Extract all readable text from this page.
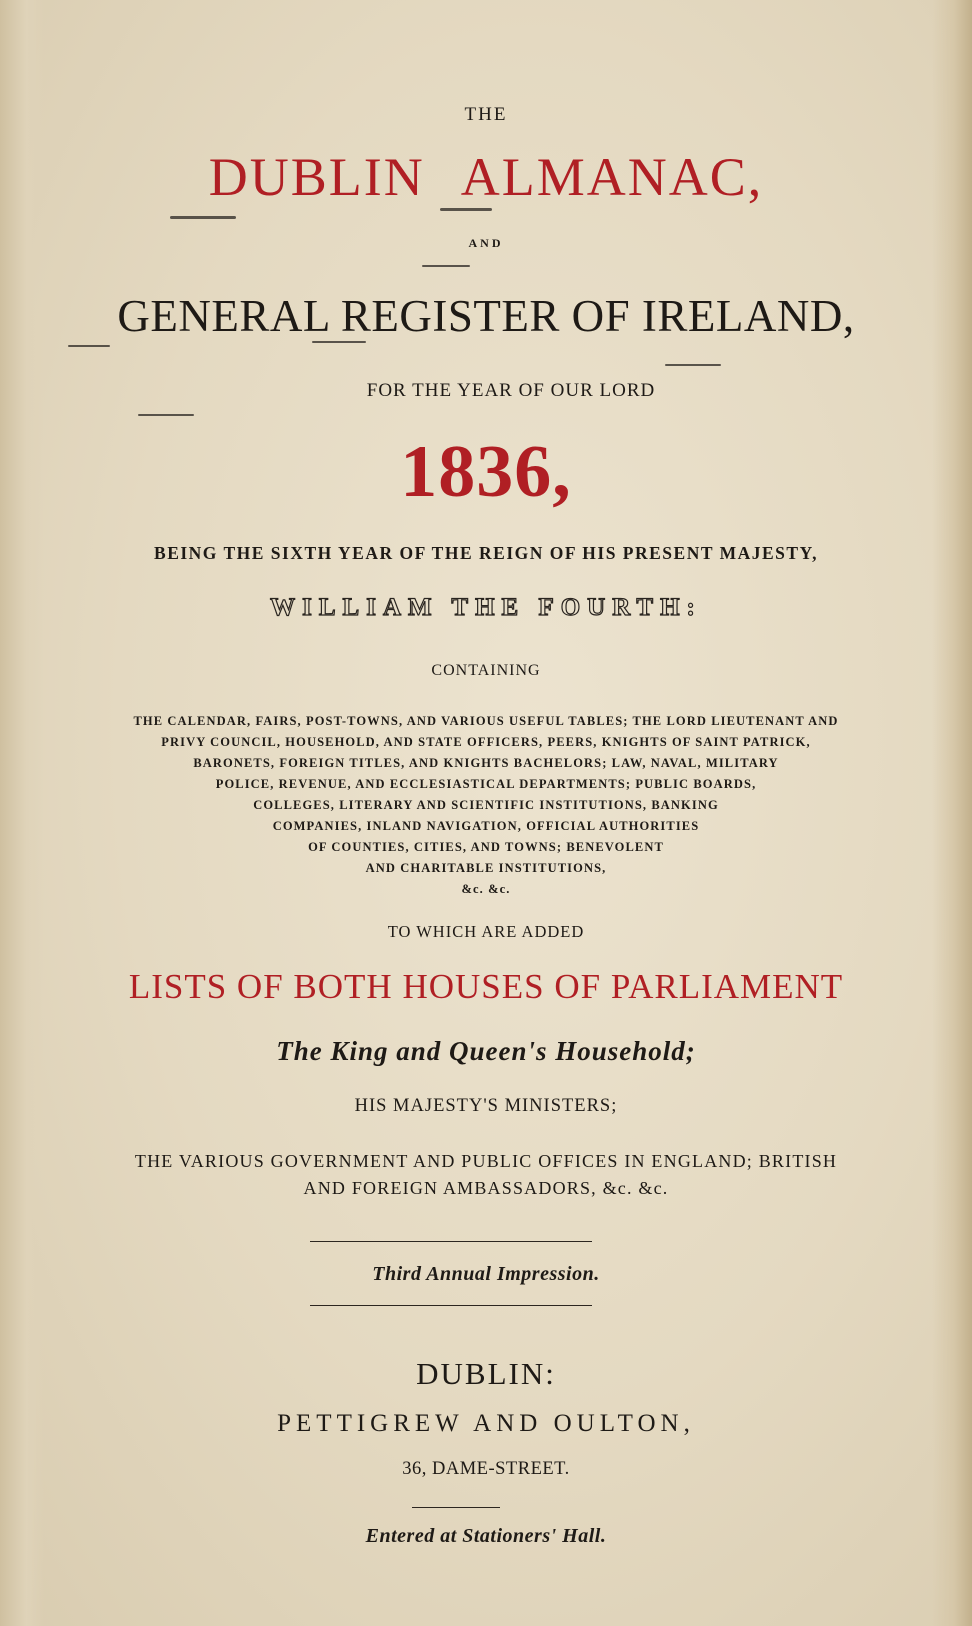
THE
DUBLIN ALMANAC,
AND
GENERAL REGISTER OF IRELAND,
FOR THE YEAR OF OUR LORD
1836,
BEING THE SIXTH YEAR OF THE REIGN OF HIS PRESENT MAJESTY,
WILLIAM THE FOURTH:
CONTAINING
THE CALENDAR, FAIRS, POST-TOWNS, AND VARIOUS USEFUL TABLES; THE LORD LIEUTENANT AND
PRIVY COUNCIL, HOUSEHOLD, AND STATE OFFICERS, PEERS, KNIGHTS OF SAINT PATRICK,
BARONETS, FOREIGN TITLES, AND KNIGHTS BACHELORS; LAW, NAVAL, MILITARY
POLICE, REVENUE, AND ECCLESIASTICAL DEPARTMENTS; PUBLIC BOARDS,
COLLEGES, LITERARY AND SCIENTIFIC INSTITUTIONS, BANKING
COMPANIES, INLAND NAVIGATION, OFFICIAL AUTHORITIES
OF COUNTIES, CITIES, AND TOWNS; BENEVOLENT
AND CHARITABLE INSTITUTIONS,
&c. &c.
TO WHICH ARE ADDED
LISTS OF BOTH HOUSES OF PARLIAMENT
The King and Queen's Household;
HIS MAJESTY'S MINISTERS;
THE VARIOUS GOVERNMENT AND PUBLIC OFFICES IN ENGLAND; BRITISH
AND FOREIGN AMBASSADORS, &c. &c.
Third Annual Impression.
DUBLIN:
PETTIGREW AND OULTON,
36, DAME-STREET.
Entered at Stationers' Hall.
